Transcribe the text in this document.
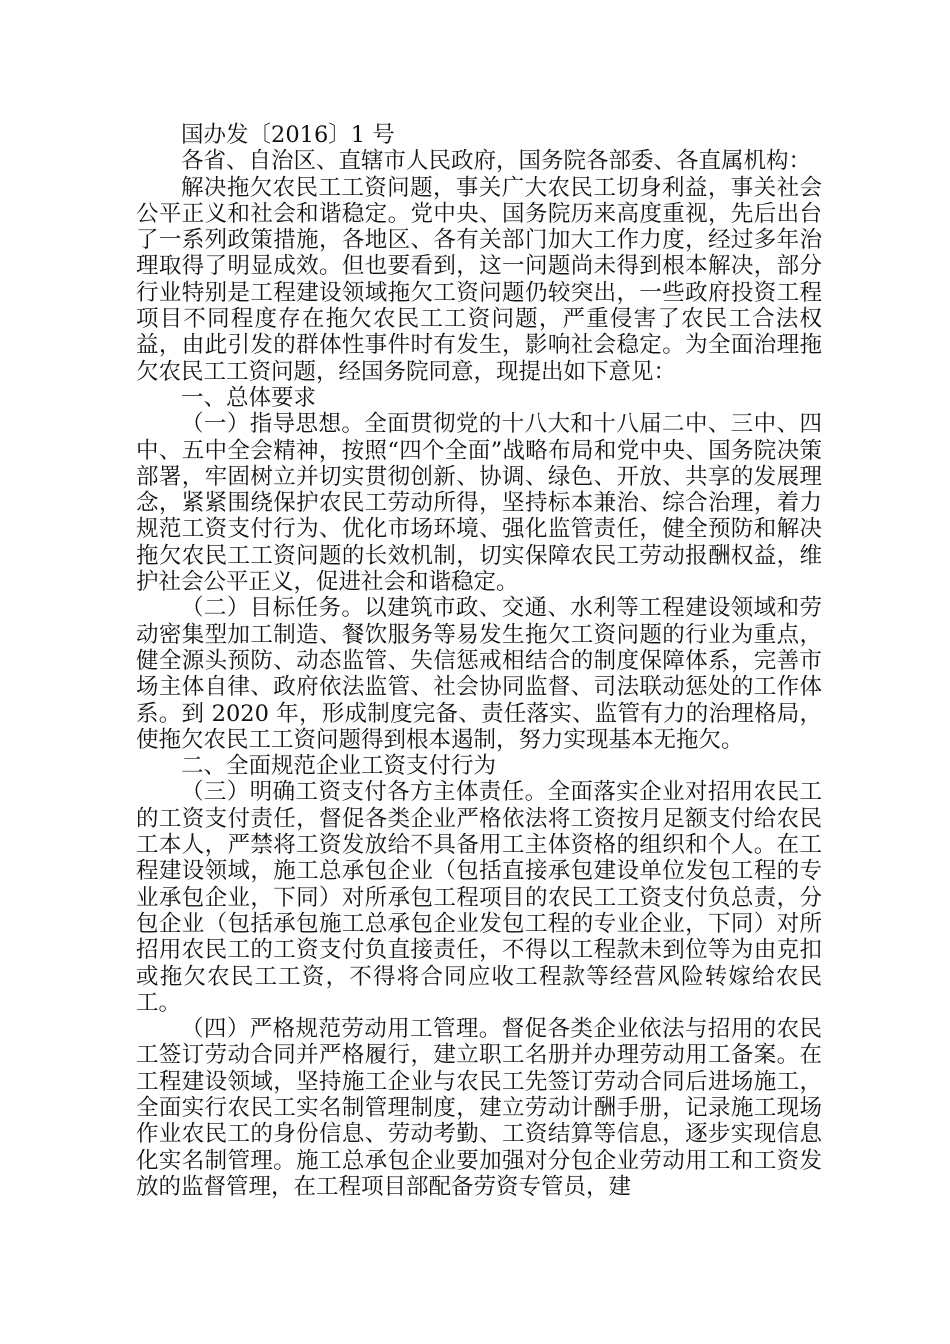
国办发〔2016〕1 号

各省、自治区、直辖市人民政府，国务院各部委、各直属机构：

解决拖欠农民工工资问题，事关广大农民工切身利益，事关社会公平正义和社会和谐稳定。党中央、国务院历来高度重视，先后出台了一系列政策措施，各地区、各有关部门加大工作力度，经过多年治理取得了明显成效。但也要看到，这一问题尚未得到根本解决，部分行业特别是工程建设领域拖欠工资问题仍较突出，一些政府投资工程项目不同程度存在拖欠农民工工资问题，严重侵害了农民工合法权益，由此引发的群体性事件时有发生，影响社会稳定。为全面治理拖欠农民工工资问题，经国务院同意，现提出如下意见：

一、总体要求

（一）指导思想。全面贯彻党的十八大和十八届二中、三中、四中、五中全会精神，按照“四个全面”战略布局和党中央、国务院决策部署，牢固树立并切实贯彻创新、协调、绿色、开放、共享的发展理念，紧紧围绕保护农民工劳动所得，坚持标本兼治、综合治理，着力规范工资支付行为、优化市场环境、强化监管责任，健全预防和解决拖欠农民工工资问题的长效机制，切实保障农民工劳动报酬权益，维护社会公平正义，促进社会和谐稳定。

（二）目标任务。以建筑市政、交通、水利等工程建设领域和劳动密集型加工制造、餐饮服务等易发生拖欠工资问题的行业为重点，健全源头预防、动态监管、失信惩戒相结合的制度保障体系，完善市场主体自律、政府依法监管、社会协同监督、司法联动惩处的工作体系。到 2020 年，形成制度完备、责任落实、监管有力的治理格局，使拖欠农民工工资问题得到根本遏制，努力实现基本无拖欠。

二、全面规范企业工资支付行为

（三）明确工资支付各方主体责任。全面落实企业对招用农民工的工资支付责任，督促各类企业严格依法将工资按月足额支付给农民工本人，严禁将工资发放给不具备用工主体资格的组织和个人。在工程建设领域，施工总承包企业（包括直接承包建设单位发包工程的专业承包企业，下同）对所承包工程项目的农民工工资支付负总责，分包企业（包括承包施工总承包企业发包工程的专业企业，下同）对所招用农民工的工资支付负直接责任，不得以工程款未到位等为由克扣或拖欠农民工工资，不得将合同应收工程款等经营风险转嫁给农民工。

（四）严格规范劳动用工管理。督促各类企业依法与招用的农民工签订劳动合同并严格履行，建立职工名册并办理劳动用工备案。在工程建设领域，坚持施工企业与农民工先签订劳动合同后进场施工，全面实行农民工实名制管理制度，建立劳动计酬手册，记录施工现场作业农民工的身份信息、劳动考勤、工资结算等信息，逐步实现信息化实名制管理。施工总承包企业要加强对分包企业劳动用工和工资发放的监督管理，在工程项目部配备劳资专管员，建
